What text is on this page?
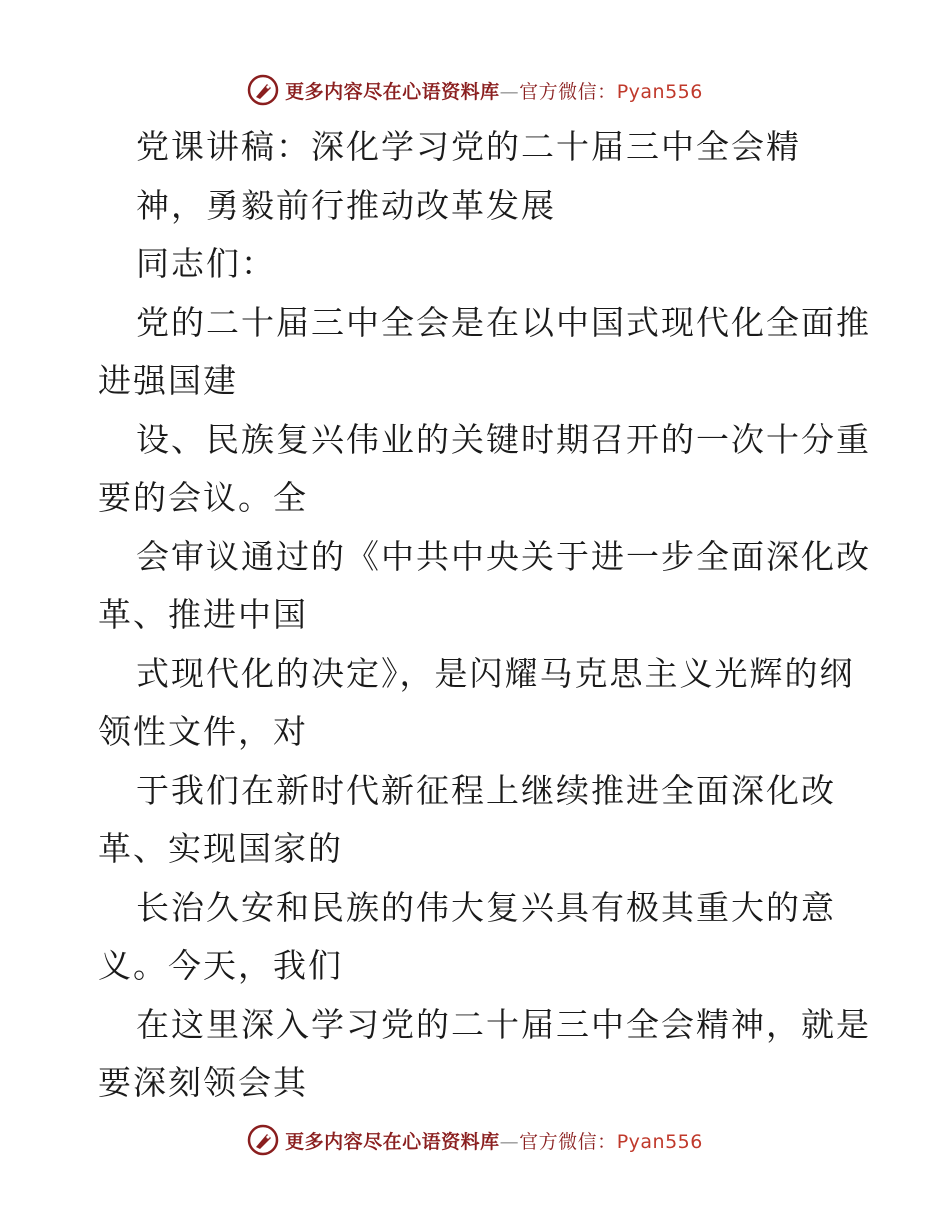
更多内容尽在心语资料库—官方微信：Pyan556
党课讲稿：深化学习党的二十届三中全会精
神，勇毅前行推动改革发展
同志们：
党的二十届三中全会是在以中国式现代化全面推
进强国建
设、民族复兴伟业的关键时期召开的一次十分重
要的会议。全
会审议通过的《中共中央关于进一步全面深化改
革、推进中国
式现代化的决定》，是闪耀马克思主义光辉的纲
领性文件，对
于我们在新时代新征程上继续推进全面深化改
革、实现国家的
长治久安和民族的伟大复兴具有极其重大的意
义。今天，我们
在这里深入学习党的二十届三中全会精神，就是
要深刻领会其
更多内容尽在心语资料库—官方微信：Pyan556
